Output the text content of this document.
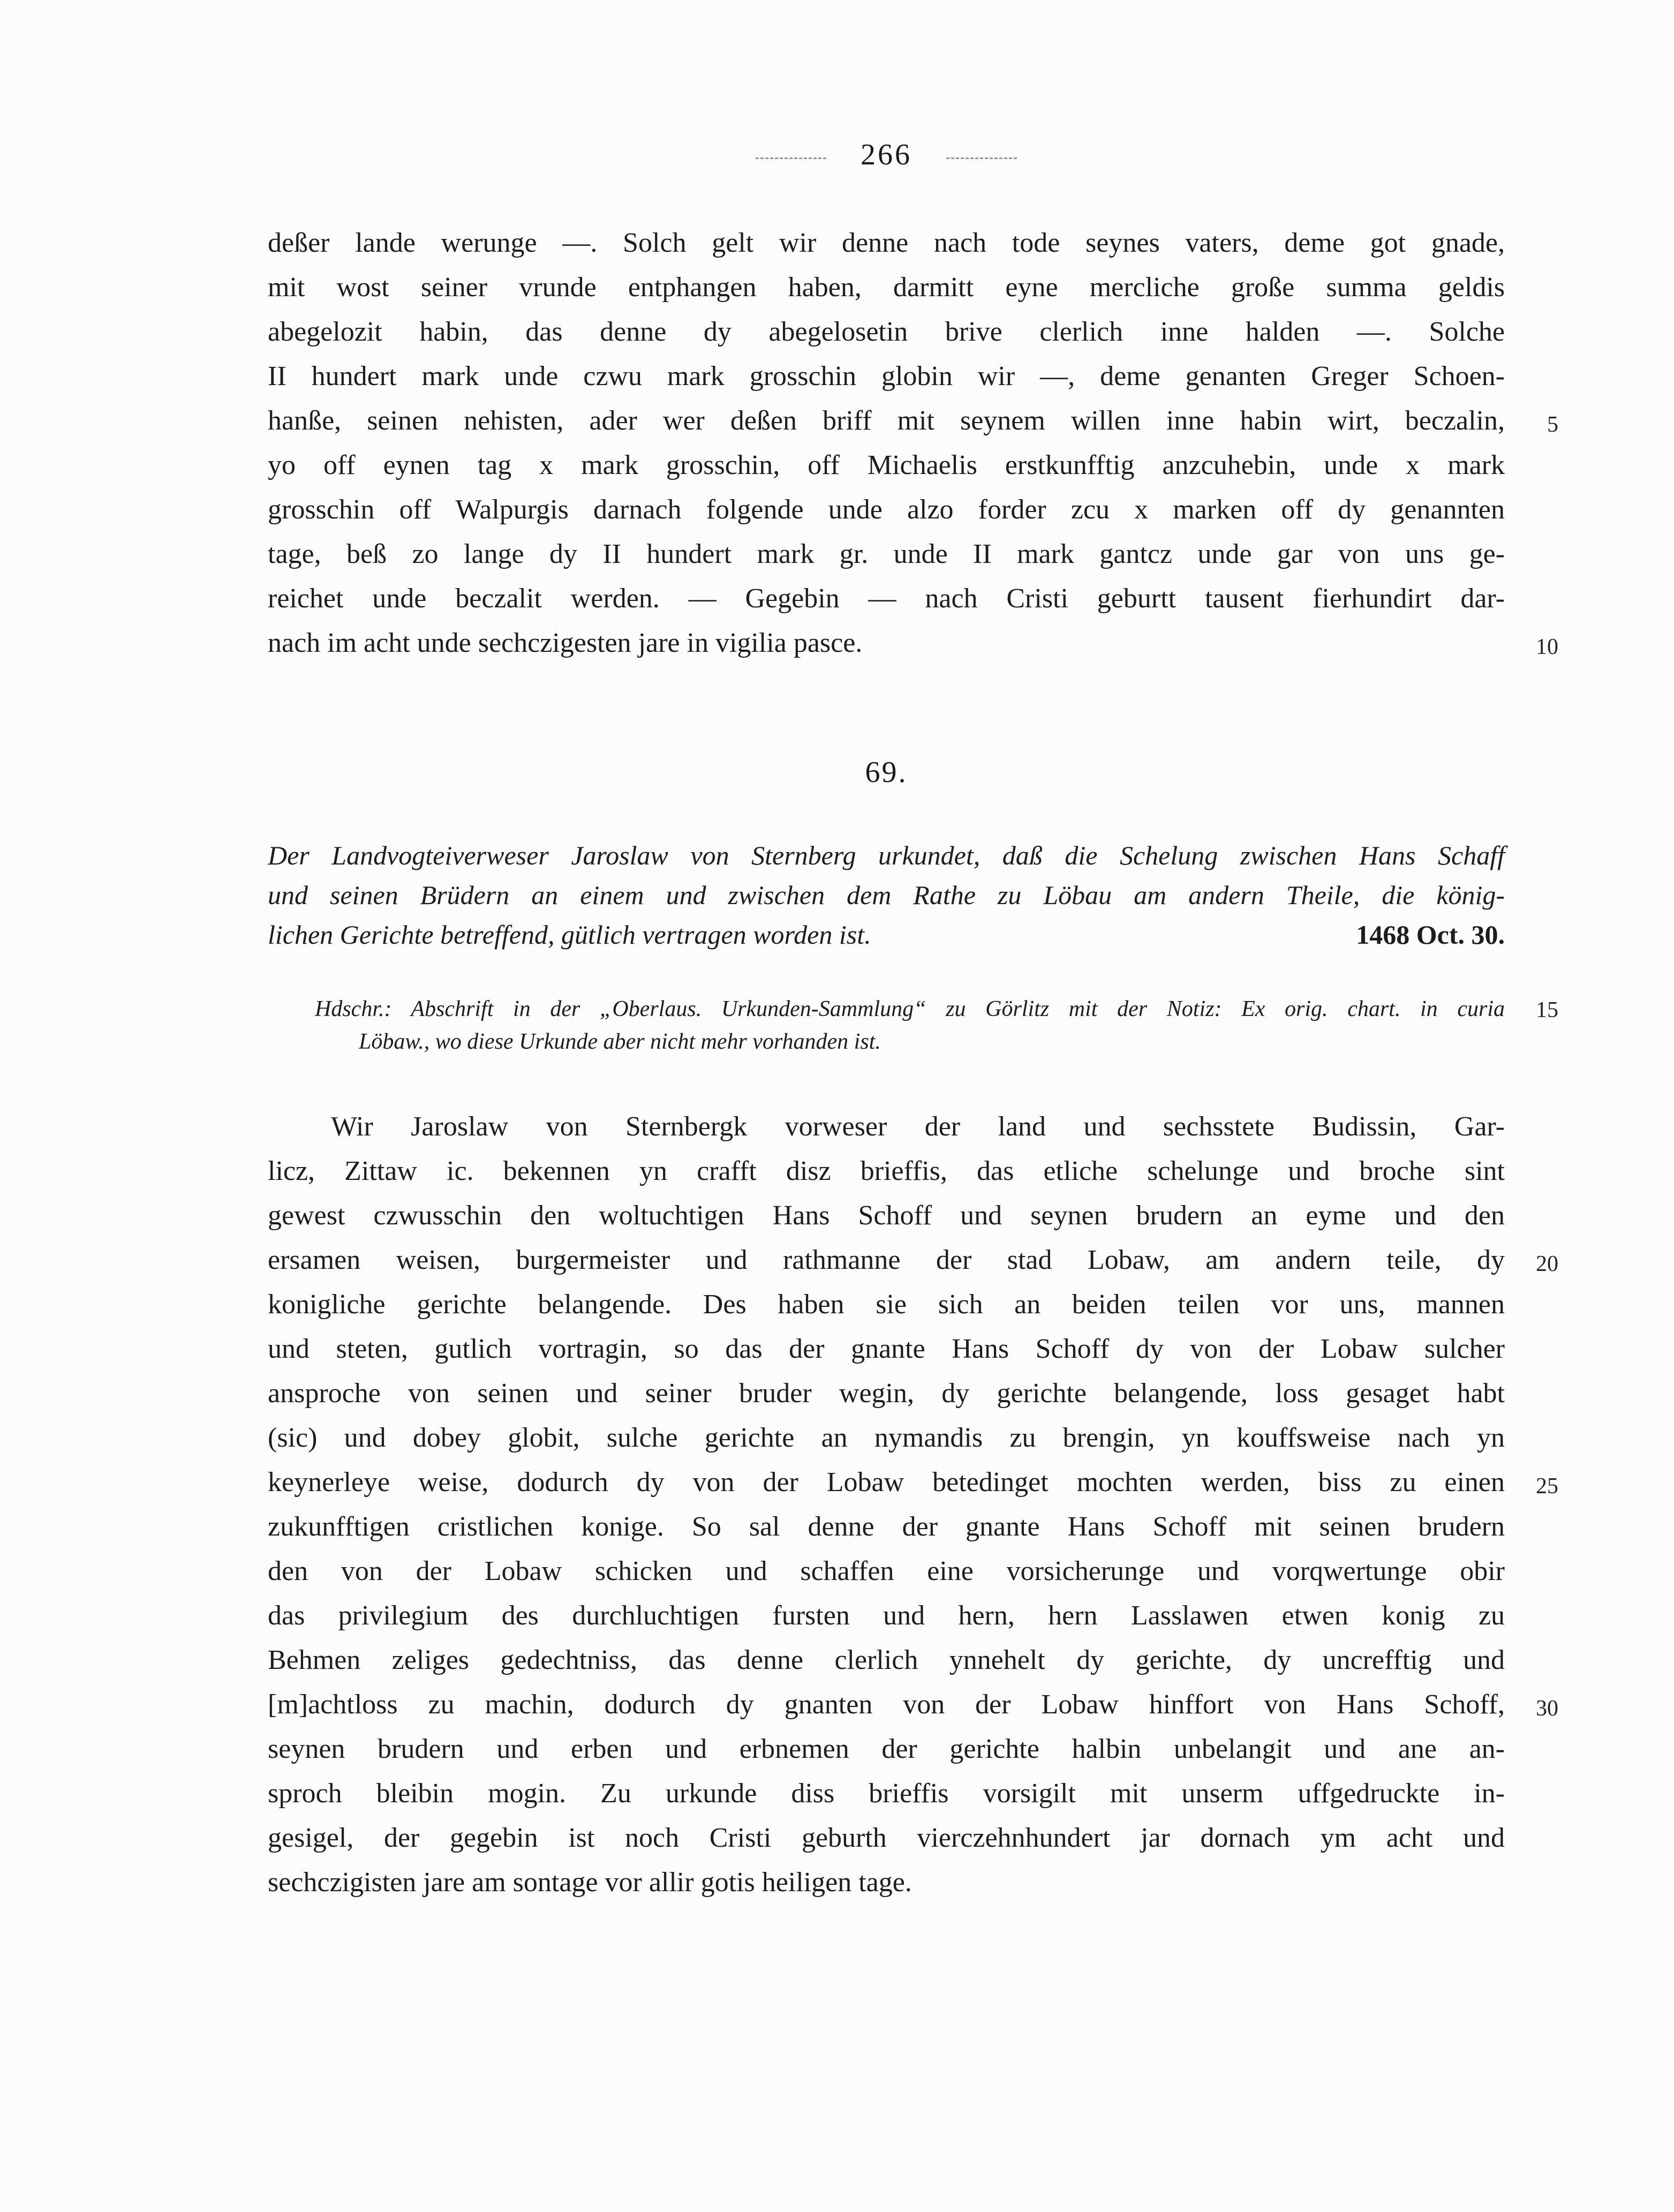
266
deßer lande werunge —. Solch gelt wir denne nach tode seynes vaters, deme got gnade,
mit wost seiner vrunde entphangen haben, darmitt eyne mercliche große summa geldis
abegelozit habin, das denne dy abegelosetin brive clerlich inne halden —. Solche
II hundert mark unde czwu mark grosschin globin wir —, deme genanten Greger Schoen-
hanße, seinen nehisten, ader wer deßen briff mit seynem willen inne habin wirt, beczalin, 5
yo off eynen tag x mark grosschin, off Michaelis erstkunfftig anzcuhebin, unde x mark
grosschin off Walpurgis darnach folgende unde alzo forder zcu x marken off dy genannten
tage, beß zo lange dy II hundert mark gr. unde II mark gantcz unde gar von uns ge-
reichet unde beczalit werden. — Gegebin — nach Cristi geburtt tausent fierhundirt dar-
nach im acht unde sechczigesten jare in vigilia pasce.	10
69.
Der Landvogteiverweser Jaroslaw von Sternberg urkundet, daß die Schelung zwischen Hans Schaff
und seinen Brüdern an einem und zwischen dem Rathe zu Löbau am andern Theile, die könig-
lichen Gerichte betreffend, gütlich vertragen worden ist.	1468 Oct. 30.
Hdschr.: Abschrift in der „Oberlaus. Urkunden-Sammlung“ zu Görlitz mit der Notiz: Ex orig. chart. in curia 15
Löbaw., wo diese Urkunde aber nicht mehr vorhanden ist.
Wir Jaroslaw von Sternbergk vorweser der land und sechsstete Budissin, Gar-
licz, Zittaw ic. bekennen yn crafft disz brieffis, das etliche schelunge und broche sint
gewest czwusschin den woltuchtigen Hans Schoff und seynen brudern an eyme und den
ersamen weisen, burgermeister und rathmanne der stad Lobaw, am andern teile, dy 20
konigliche gerichte belangende. Des haben sie sich an beiden teilen vor uns, mannen
und steten, gutlich vortragin, so das der gnante Hans Schoff dy von der Lobaw sulcher
ansproche von seinen und seiner bruder wegin, dy gerichte belangende, loss gesaget habt
(sic) und dobey globit, sulche gerichte an nymandis zu brengin, yn kouffsweise nach yn
keynerleye weise, dodurch dy von der Lobaw betedinget mochten werden, biss zu einen 25
zukunfftigen cristlichen konige. So sal denne der gnante Hans Schoff mit seinen brudern
den von der Lobaw schicken und schaffen eine vorsicherunge und vorqwertunge obir
das privilegium des durchluchtigen fursten und hern, hern Lasslawen etwen konig zu
Behmen zeliges gedechtniss, das denne clerlich ynnehelt dy gerichte, dy uncrefftig und
[m]achtloss zu machin, dodurch dy gnanten von der Lobaw hinffort von Hans Schoff, 30
seynen brudern und erben und erbnemen der gerichte halbin unbelangit und ane an-
sproch bleibin mogin. Zu urkunde diss brieffis vorsigilt mit unserm uffgedruckte in-
gesigel, der gegebin ist noch Cristi geburth vierczehnhundert jar dornach ym acht und
sechczigisten jare am sontage vor allir gotis heiligen tage.
